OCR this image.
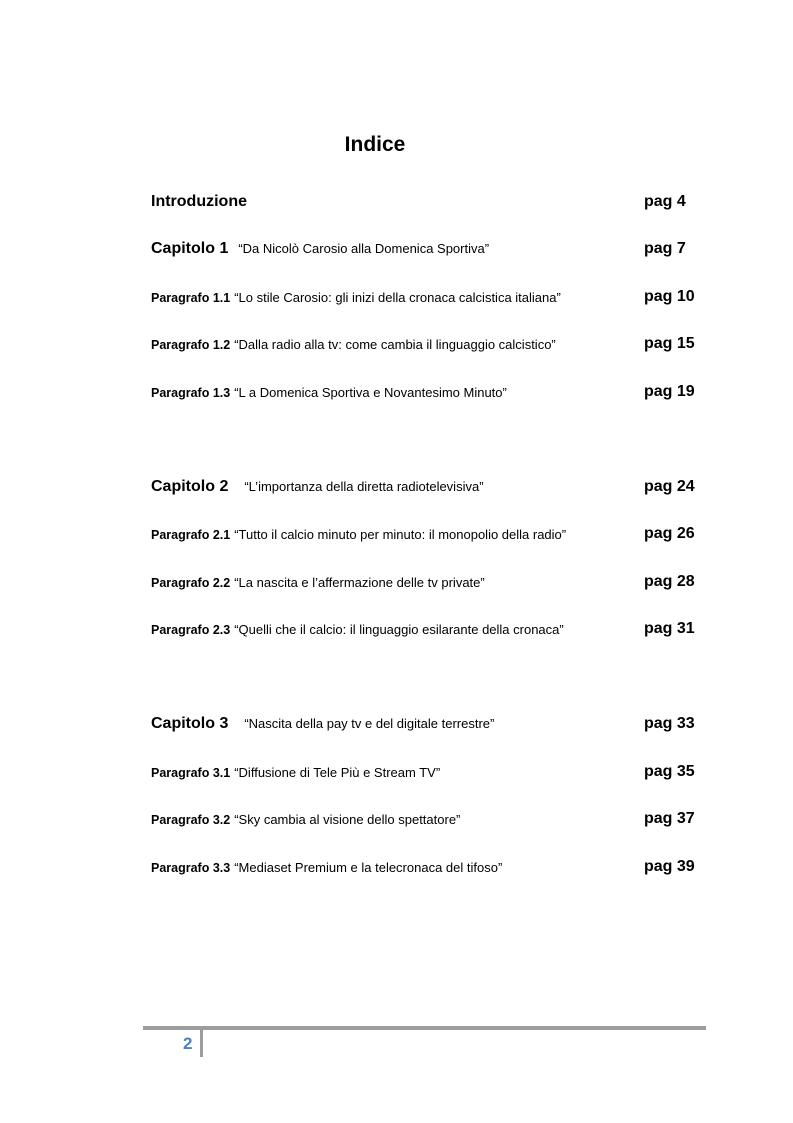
Indice
Introduzione	pag 4
Capitolo 1 “Da Nicolò Carosio alla Domenica Sportiva”	pag 7
Paragrafo 1.1 “Lo stile Carosio: gli inizi della cronaca calcistica italiana”	pag 10
Paragrafo 1.2 “Dalla radio alla tv: come cambia il linguaggio calcistico”	pag 15
Paragrafo 1.3 “L a Domenica Sportiva e Novantesimo Minuto”	pag 19
Capitolo 2 “L’importanza della diretta radiotelevisiva”	pag 24
Paragrafo 2.1 “Tutto il calcio minuto per minuto: il monopolio della radio”	pag 26
Paragrafo 2.2 “La nascita e l’affermazione delle tv private”	pag 28
Paragrafo 2.3 “Quelli che il calcio: il linguaggio esilarante della cronaca”	pag 31
Capitolo 3 “Nascita della pay tv e del digitale terrestre”	pag 33
Paragrafo 3.1 “Diffusione di Tele Più e Stream TV”	pag 35
Paragrafo 3.2 “Sky cambia al visione dello spettatore”	pag 37
Paragrafo 3.3 “Mediaset Premium e la telecronaca del tifoso”	pag 39
2
